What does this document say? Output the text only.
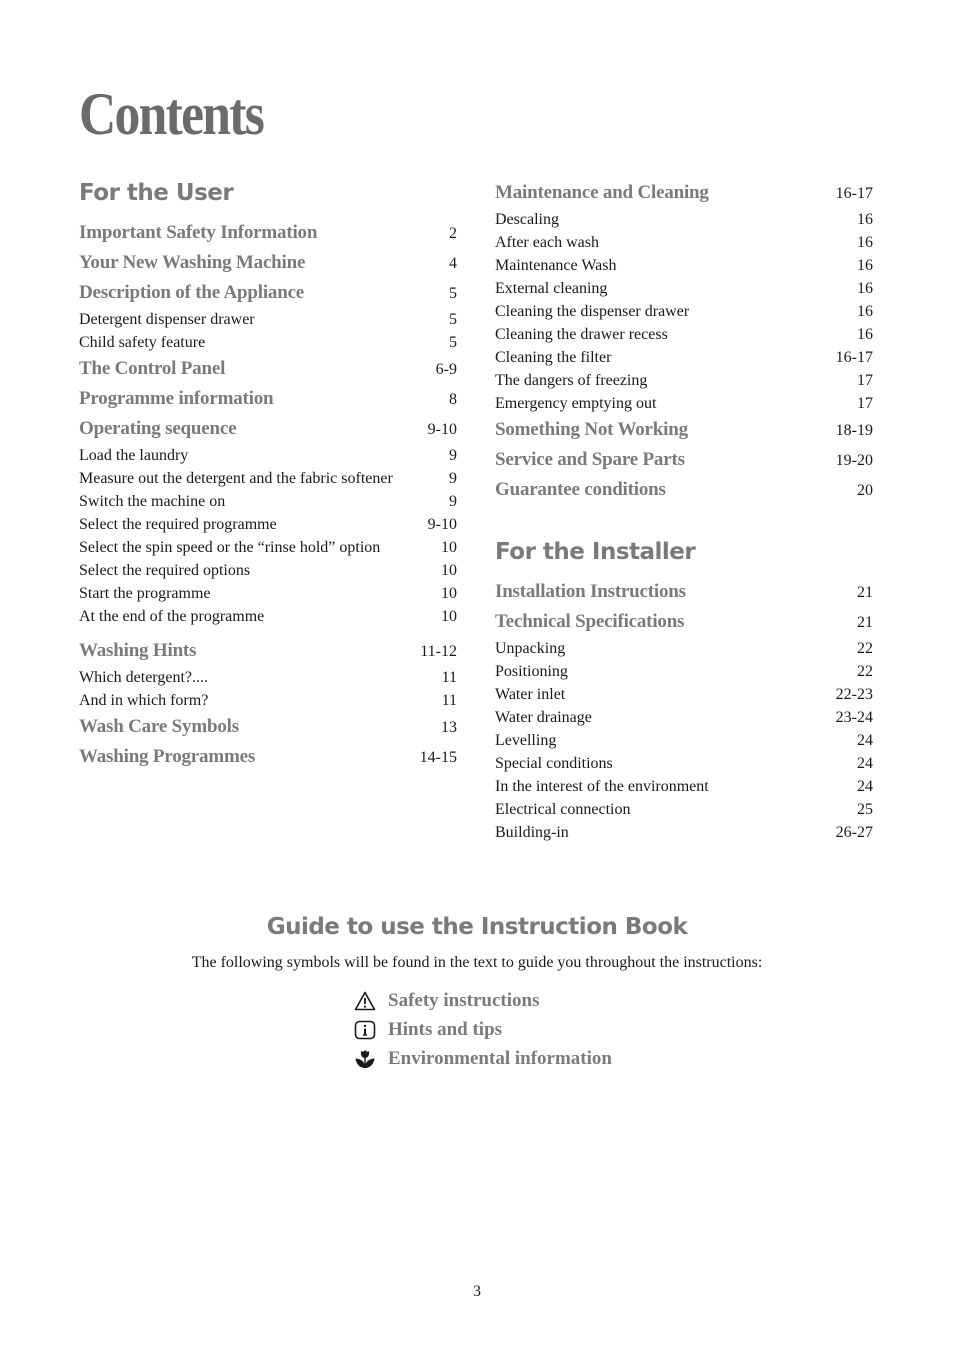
Contents
For the User
Important Safety Information	2
Your New Washing Machine	4
Description of the Appliance	5
Detergent dispenser drawer	5
Child safety feature	5
The Control Panel	6-9
Programme information	8
Operating sequence	9-10
Load the laundry	9
Measure out the detergent and the fabric softener	9
Switch the machine on	9
Select the required programme	9-10
Select the spin speed or the “rinse hold” option	10
Select the required options	10
Start the programme	10
At the end of the programme	10
Washing Hints	11-12
Which detergent?....	11
And in which form?	11
Wash Care Symbols	13
Washing Programmes	14-15
Maintenance and Cleaning	16-17
Descaling	16
After each wash	16
Maintenance Wash	16
External cleaning	16
Cleaning the dispenser drawer	16
Cleaning the drawer recess	16
Cleaning the filter	16-17
The dangers of freezing	17
Emergency emptying out	17
Something Not Working	18-19
Service and Spare Parts	19-20
Guarantee conditions	20
For the Installer
Installation Instructions	21
Technical Specifications	21
Unpacking	22
Positioning	22
Water inlet	22-23
Water drainage	23-24
Levelling	24
Special conditions	24
In the interest of the environment	24
Electrical connection	25
Building-in	26-27
Guide to use the Instruction Book
The following symbols will be found in the text to guide you throughout the instructions:
Safety instructions
Hints and tips
Environmental information
3
